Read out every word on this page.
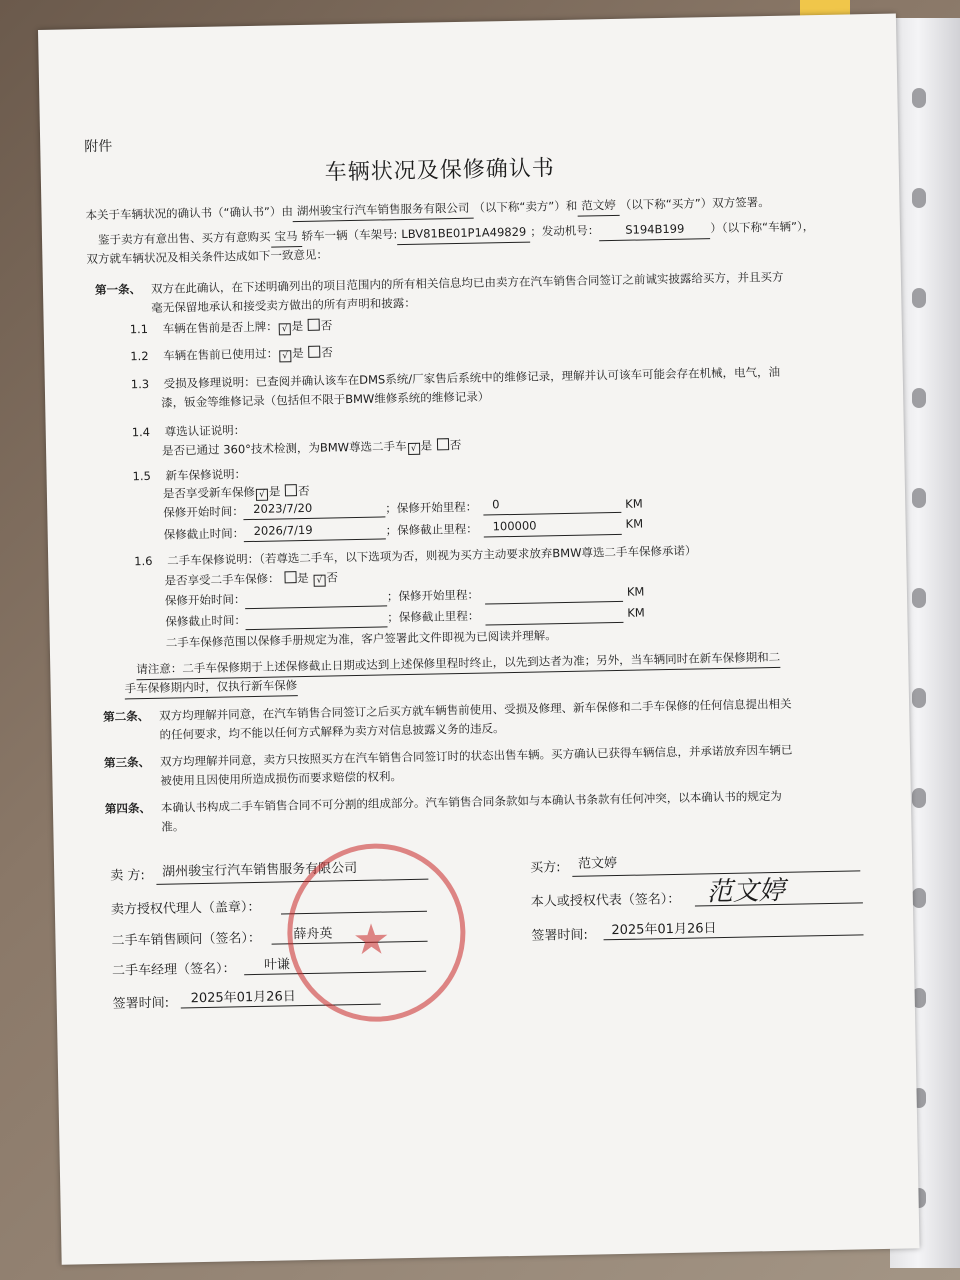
附件
车辆状况及保修确认书
本关于车辆状况的确认书（“确认书”）由 湖州骏宝行汽车销售服务有限公司 （以下称“卖方”）和 范文婷 （以下称“买方”）双方签署。
鉴于卖方有意出售、买方有意购买 宝马 轿车一辆（车架号: LBV81BE01P1A49829 ；发动机号： S194B199 ）（以下称“车辆”），
双方就车辆状况及相关条件达成如下一致意见：
第一条、 双方在此确认，在下述明确列出的项目范围内的所有相关信息均已由卖方在汽车销售合同签订之前诚实披露给买方，并且买方
毫无保留地承认和接受卖方做出的所有声明和披露：
1.1 车辆在售前是否上牌： √ 是 否
1.2 车辆在售前已使用过： √ 是 否
1.3 受损及修理说明：已查阅并确认该车在DMS系统/厂家售后系统中的维修记录，理解并认可该车可能会存在机械，电气，油
漆，钣金等维修记录（包括但不限于BMW维修系统的维修记录）
1.4 尊选认证说明：
是否已通过 360°技术检测，为BMW尊选二手车 √ 是 否
1.5 新车保修说明：
是否享受新车保修 √ 是 否
保修开始时间： 2023/7/20	；保修开始里程： 0	KM
保修截止时间： 2026/7/19	；保修截止里程： 100000	KM
1.6 二手车保修说明：（若尊选二手车，以下选项为否，则视为买方主动要求放弃BMW尊选二手车保修承诺）
是否享受二手车保修： 是 √ 否
保修开始时间：	；保修开始里程：	KM
保修截止时间：	；保修截止里程：	KM
二手车保修范围以保修手册规定为准，客户签署此文件即视为已阅读并理解。
请注意：二手车保修期于上述保修截止日期或达到上述保修里程时终止，以先到达者为准；另外，当车辆同时在新车保修期和二
手车保修期内时，仅执行新车保修
第二条、 双方均理解并同意，在汽车销售合同签订之后买方就车辆售前使用、受损及修理、新车保修和二手车保修的任何信息提出相关
的任何要求，均不能以任何方式解释为卖方对信息披露义务的违反。
第三条、 双方均理解并同意，卖方只按照买方在汽车销售合同签订时的状态出售车辆。买方确认已获得车辆信息，并承诺放弃因车辆已
被使用且因使用所造成损伤而要求赔偿的权利。
第四条、 本确认书构成二手车销售合同不可分割的组成部分。汽车销售合同条款如与本确认书条款有任何冲突，以本确认书的规定为
准。
卖 方: 湖州骏宝行汽车销售服务有限公司
卖方授权代理人（盖章）：
二手车销售顾问（签名）： 薛舟英
二手车经理（签名）： 叶谦
签署时间: 2025年01月26日
买方: 范文婷
本人或授权代表（签名）： 范文婷
签署时间: 2025年01月26日
★
